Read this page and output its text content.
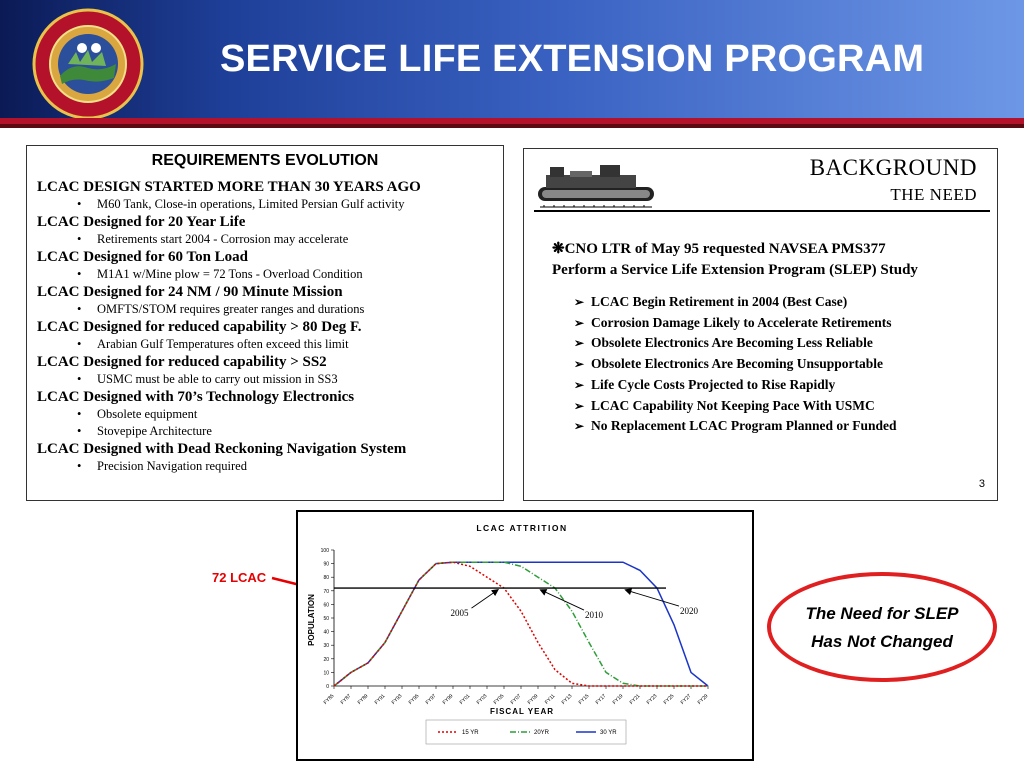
SERVICE LIFE EXTENSION PROGRAM
REQUIREMENTS EVOLUTION
LCAC DESIGN STARTED MORE THAN 30 YEARS AGO
• M60 Tank, Close-in operations, Limited Persian Gulf activity
LCAC Designed for 20 Year Life
• Retirements start 2004 - Corrosion may accelerate
LCAC Designed for 60 Ton Load
• M1A1 w/Mine plow = 72 Tons - Overload Condition
LCAC Designed for 24 NM / 90 Minute Mission
• OMFTS/STOM requires greater ranges and durations
LCAC Designed for reduced capability > 80 Deg F.
• Arabian Gulf Temperatures often exceed this limit
LCAC Designed for reduced capability > SS2
• USMC must be able to carry out mission in SS3
LCAC Designed with 70’s Technology Electronics
• Obsolete equipment
• Stovepipe Architecture
LCAC Designed with Dead Reckoning Navigation System
• Precision Navigation required
BACKGROUND
THE NEED
❋CNO LTR of May 95 requested NAVSEA PMS377
Perform a Service Life Extension Program (SLEP) Study
➢ LCAC Begin Retirement in 2004 (Best Case)
➢ Corrosion Damage Likely to Accelerate Retirements
➢ Obsolete Electronics Are Becoming Less Reliable
➢ Obsolete Electronics Are Becoming Unsupportable
➢ Life Cycle Costs Projected to Rise Rapidly
➢ LCAC Capability Not Keeping Pace With USMC
➢ No Replacement LCAC Program Planned or Funded
3
72 LCAC
LCAC ATTRITION
POPULATION
FISCAL YEAR
0
10
20
30
40
50
60
70
80
90
100
FY85 FY87 FY89 FY91 FY93 FY95 FY97 FY99 FY01 FY03 FY05 FY07 FY09 FY11 FY13 FY15 FY17 FY19 FY21 FY23 FY25 FY27 FY29
2005	2010	2020
15 YR	20YR	30 YR
The Need for SLEP
Has Not Changed
